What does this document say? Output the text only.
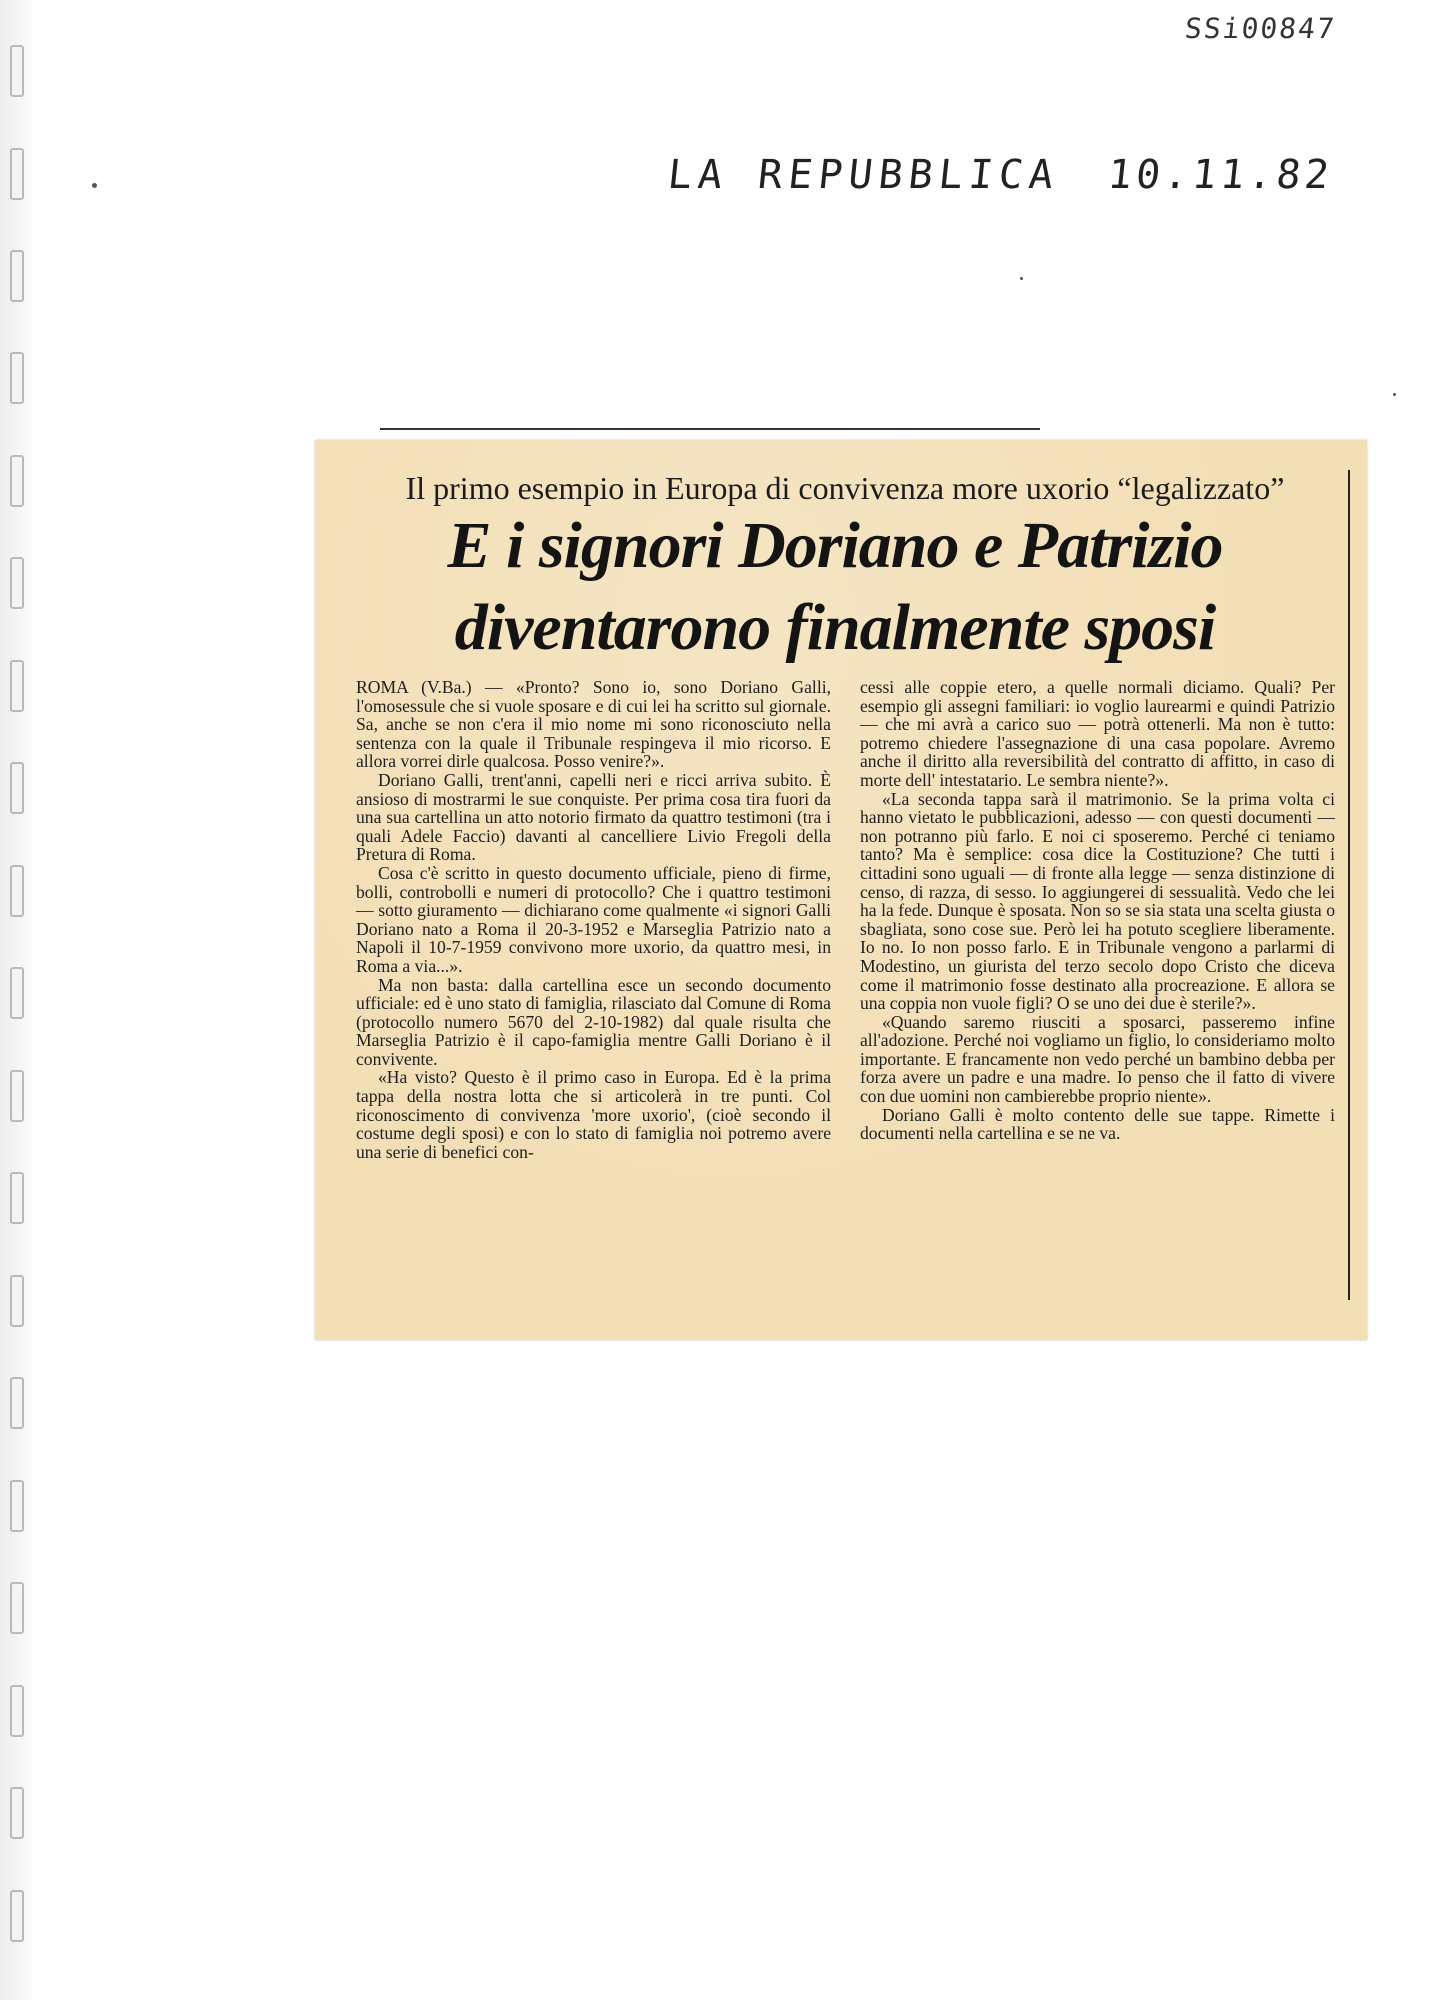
SSi00847
LA REPUBBLICA 10.11.82
Il primo esempio in Europa di convivenza more uxorio “legalizzato”
E i signori Doriano e Patrizio
diventarono finalmente sposi

ROMA (V.Ba.) — «Pronto? Sono io, sono Doriano Galli, l'omosessule che si vuole sposare e di cui lei ha scritto sul giornale. Sa, anche se non c'era il mio nome mi sono riconosciuto nella sentenza con la quale il Tribunale respingeva il mio ricorso. E allora vorrei dirle qualcosa. Posso venire?».

Doriano Galli, trent'anni, capelli neri e ricci arriva subito. È ansioso di mostrarmi le sue conquiste. Per prima cosa tira fuori da una sua cartellina un atto notorio firmato da quattro testimoni (tra i quali Adele Faccio) davanti al cancelliere Livio Fregoli della Pretura di Roma.

Cosa c'è scritto in questo documento ufficiale, pieno di firme, bolli, controbolli e numeri di protocollo? Che i quattro testimoni — sotto giuramento — dichiarano come qualmente «i signori Galli Doriano nato a Roma il 20-3-1952 e Marseglia Patrizio nato a Napoli il 10-7-1959 convivono more uxorio, da quattro mesi, in Roma a via...».

Ma non basta: dalla cartellina esce un secondo documento ufficiale: ed è uno stato di famiglia, rilasciato dal Comune di Roma (protocollo numero 5670 del 2-10-1982) dal quale risulta che Marseglia Patrizio è il capo-famiglia mentre Galli Doriano è il convivente.

«Ha visto? Questo è il primo caso in Europa. Ed è la prima tappa della nostra lotta che si articolerà in tre punti. Col riconoscimento di convivenza 'more uxorio', (cioè secondo il costume degli sposi) e con lo stato di famiglia noi potremo avere una serie di benefici con-

cessi alle coppie etero, a quelle normali diciamo. Quali? Per esempio gli assegni familiari: io voglio laurearmi e quindi Patrizio — che mi avrà a carico suo — potrà ottenerli. Ma non è tutto: potremo chiedere l'assegnazione di una casa popolare. Avremo anche il diritto alla reversibilità del contratto di affitto, in caso di morte dell' intestatario. Le sembra niente?».

«La seconda tappa sarà il matrimonio. Se la prima volta ci hanno vietato le pubblicazioni, adesso — con questi documenti — non potranno più farlo. E noi ci sposeremo. Perché ci teniamo tanto? Ma è semplice: cosa dice la Costituzione? Che tutti i cittadini sono uguali — di fronte alla legge — senza distinzione di censo, di razza, di sesso. Io aggiungerei di sessualità. Vedo che lei ha la fede. Dunque è sposata. Non so se sia stata una scelta giusta o sbagliata, sono cose sue. Però lei ha potuto scegliere liberamente. Io no. Io non posso farlo. E in Tribunale vengono a parlarmi di Modestino, un giurista del terzo secolo dopo Cristo che diceva come il matrimonio fosse destinato alla procreazione. E allora se una coppia non vuole figli? O se uno dei due è sterile?».

«Quando saremo riusciti a sposarci, passeremo infine all'adozione. Perché noi vogliamo un figlio, lo consideriamo molto importante. E francamente non vedo perché un bambino debba per forza avere un padre e una madre. Io penso che il fatto di vivere con due uomini non cambierebbe proprio niente».

Doriano Galli è molto contento delle sue tappe. Rimette i documenti nella cartellina e se ne va.
